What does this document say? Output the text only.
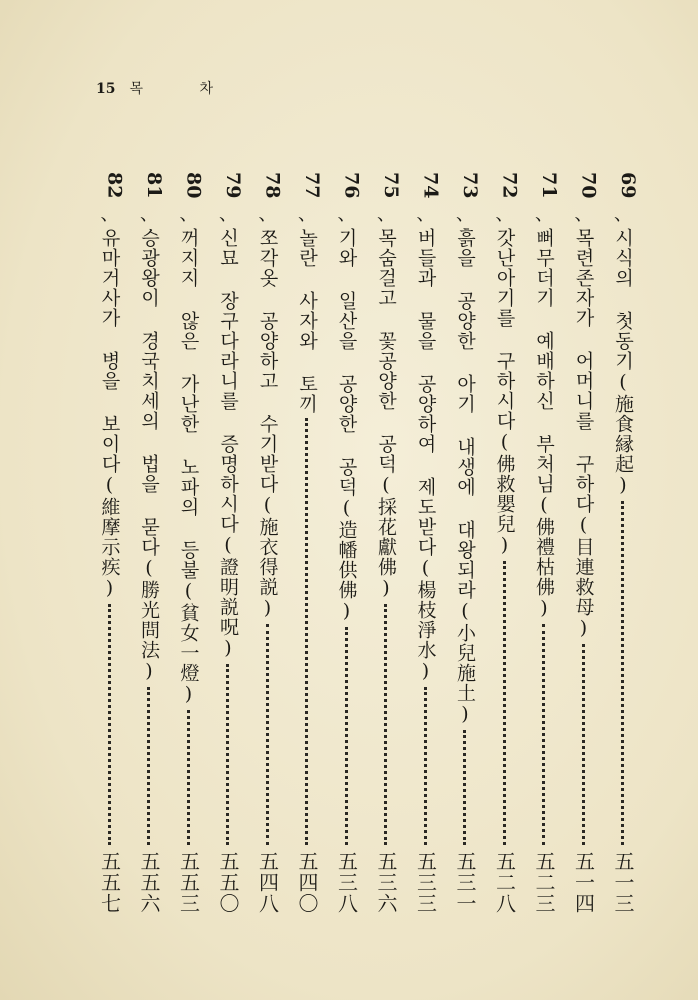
15 목 차
69
、
시식의 첫동기(施食縁起)
五一三
70
、
목련존자가 어머니를 구하다(目連救母)
五一四
71
、
뻐무더기 예배하신 부처님(佛禮枯佛)
五二三
72
、
갓난아기를 구하시다(佛救嬰兒)
五二八
73
、
흙을 공양한 아기 내생에 대왕되라(小兒施土)
五三一
74
、
버들과 물을 공양하여 제도받다(楊枝淨水)
五三三
75
、
목숨걸고 꽃공양한 공덕(採花獻佛)
五三六
76
、
기와 일산을 공양한 공덕(造幡供佛)
五三八
77
、
놀란 사자와 토끼
五四〇
78
、
쪼각옷 공양하고 수기받다(施衣得説)
五四八
79
、
신묘 장구다라니를 증명하시다(證明説呪)
五五〇
80
、
꺼지지 않은 가난한 노파의 등불(貧女一燈)
五五三
81
、
승광왕이 경국치세의 법을 묻다(勝光問法)
五五六
82
、
유마거사가 병을 보이다(維摩示疾)
五五七
